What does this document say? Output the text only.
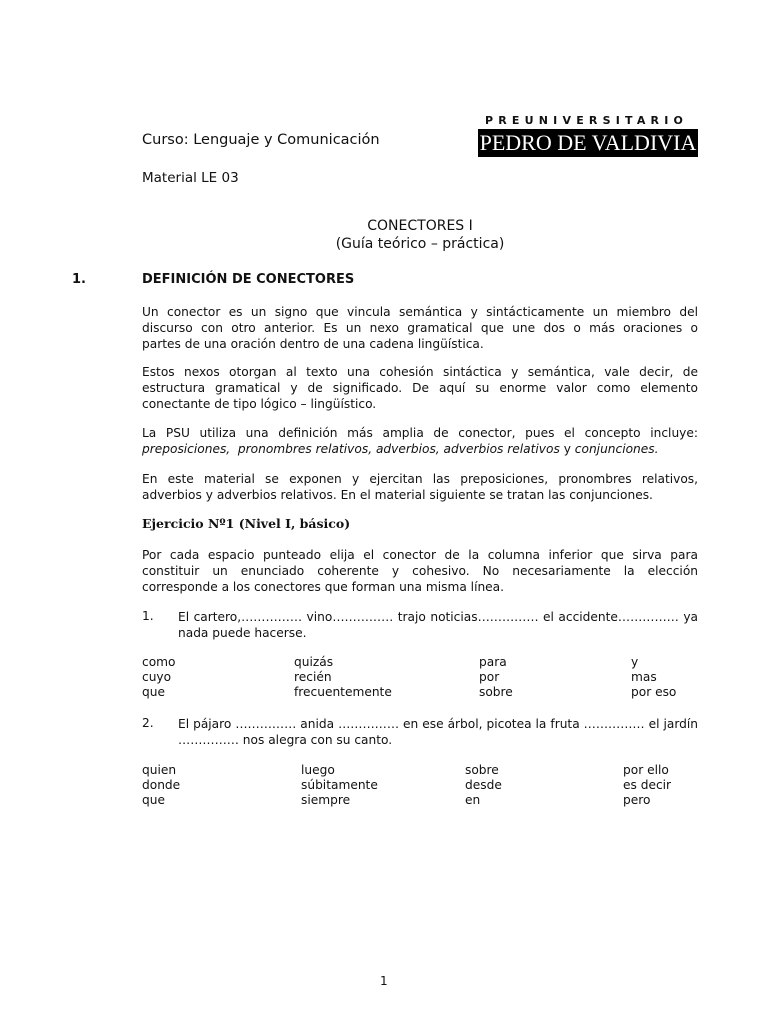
PREUNIVERSITARIO
PEDRO DE VALDIVIA
Curso: Lenguaje y Comunicación
Material LE 03
CONECTORES I
(Guía teórico – práctica)
1.	DEFINICIÓN DE CONECTORES
Un conector es un signo que vincula semántica y sintácticamente un miembro del
discurso con otro anterior. Es un nexo gramatical que une dos o más oraciones o
partes de una oración dentro de una cadena lingüística.
Estos nexos otorgan al texto una cohesión sintáctica y semántica, vale decir, de
estructura gramatical y de significado. De aquí su enorme valor como elemento
conectante de tipo lógico – lingüístico.
La PSU utiliza una definición más amplia de conector, pues el concepto incluye:
preposiciones, pronombres relativos, adverbios, adverbios relativos y conjunciones.
En este material se exponen y ejercitan las preposiciones, pronombres relativos,
adverbios y adverbios relativos. En el material siguiente se tratan las conjunciones.
Ejercicio Nº1 (Nivel I, básico)
Por cada espacio punteado elija el conector de la columna inferior que sirva para
constituir un enunciado coherente y cohesivo. No necesariamente la elección
corresponde a los conectores que forman una misma línea.
1. El cartero,…………… vino…………… trajo noticias…………… el accidente…………… ya
nada puede hacerse.
como
cuyo
que
quizás
recién
frecuentemente
para
por
sobre
y
mas
por eso
2. El pájaro …………… anida …………… en ese árbol, picotea la fruta …………… el jardín
…………… nos alegra con su canto.
quien
donde
que
luego
súbitamente
siempre
sobre
desde
en
por ello
es decir
pero
1
